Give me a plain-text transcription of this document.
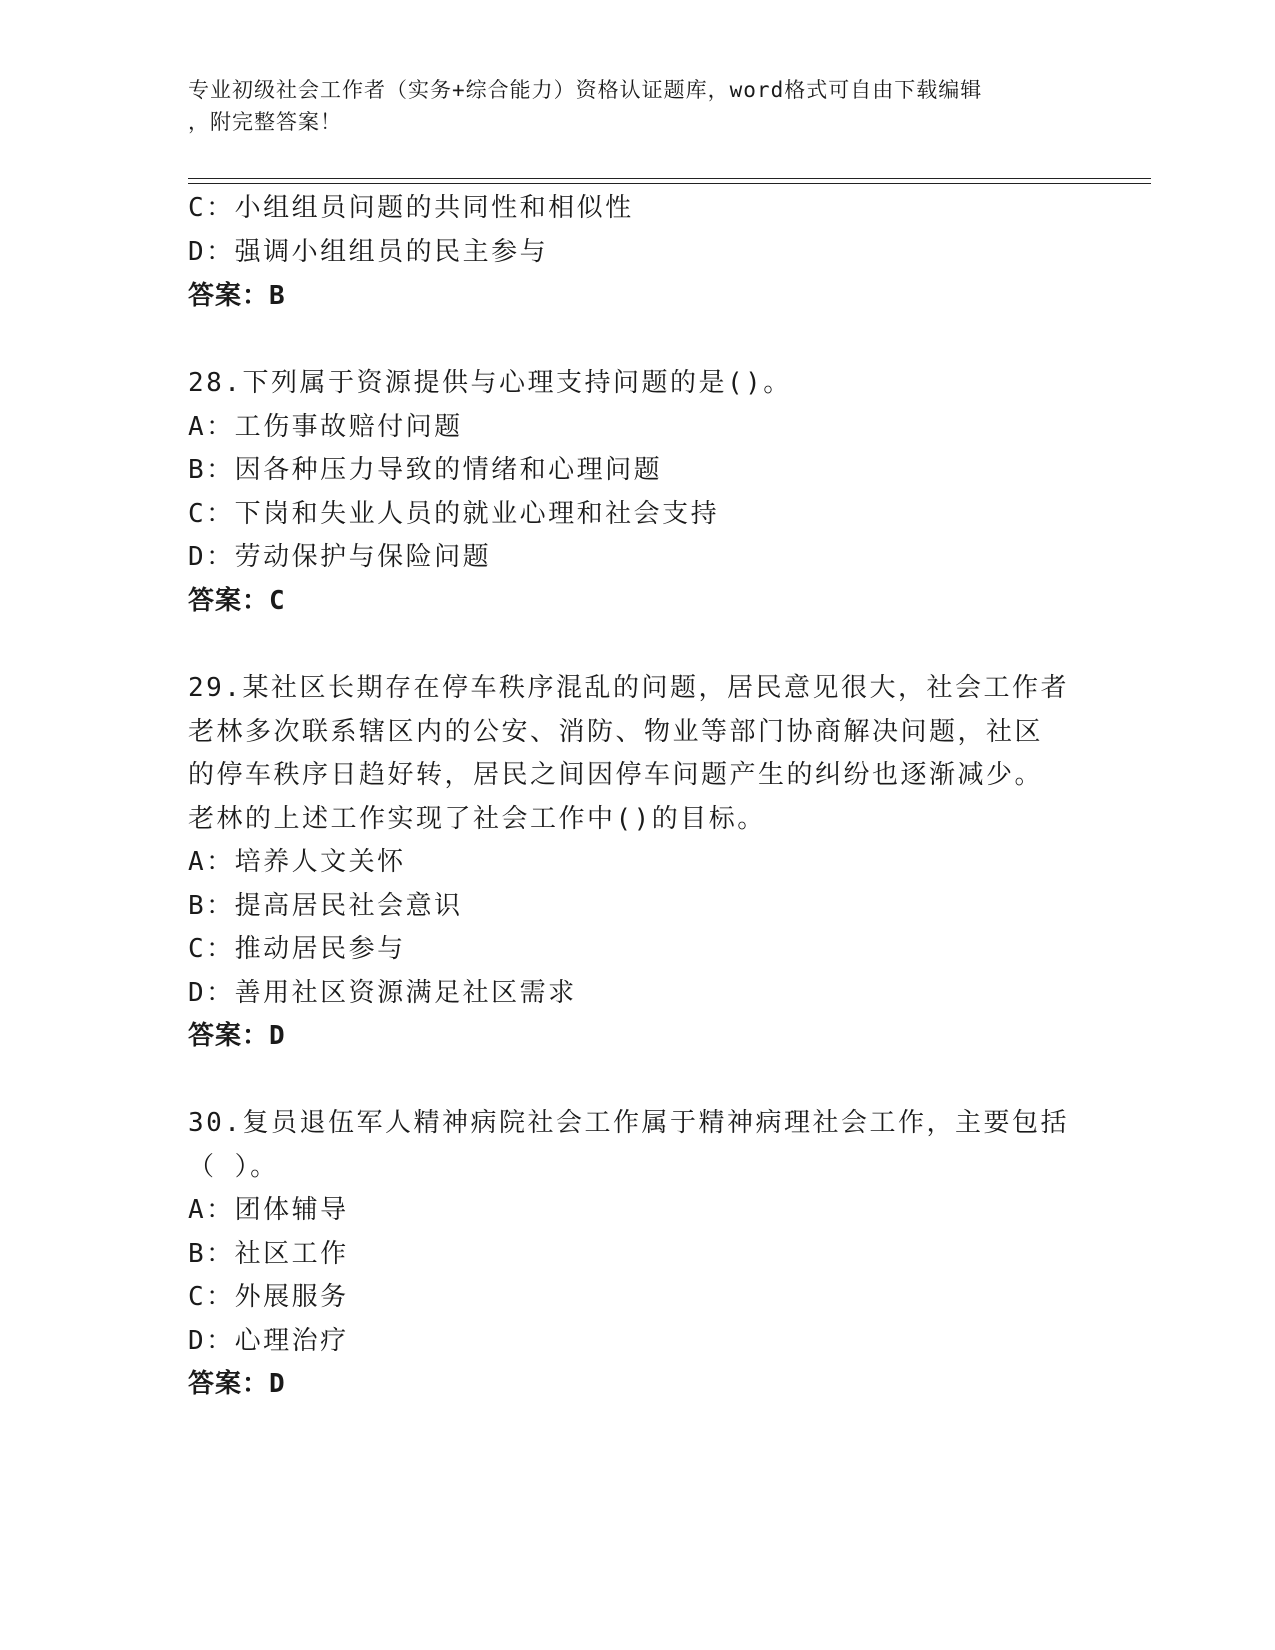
专业初级社会工作者（实务+综合能力）资格认证题库，word格式可自由下载编辑
，附完整答案！
C：小组组员问题的共同性和相似性
D：强调小组组员的民主参与
答案：B
28.下列属于资源提供与心理支持问题的是()。
A：工伤事故赔付问题
B：因各种压力导致的情绪和心理问题
C：下岗和失业人员的就业心理和社会支持
D：劳动保护与保险问题
答案：C
29.某社区长期存在停车秩序混乱的问题，居民意见很大，社会工作者
老林多次联系辖区内的公安、消防、物业等部门协商解决问题，社区
的停车秩序日趋好转，居民之间因停车问题产生的纠纷也逐渐减少。
老林的上述工作实现了社会工作中()的目标。
A：培养人文关怀
B：提高居民社会意识
C：推动居民参与
D：善用社区资源满足社区需求
答案：D
30.复员退伍军人精神病院社会工作属于精神病理社会工作，主要包括
（ ）。
A：团体辅导
B：社区工作
C：外展服务
D：心理治疗
答案：D
